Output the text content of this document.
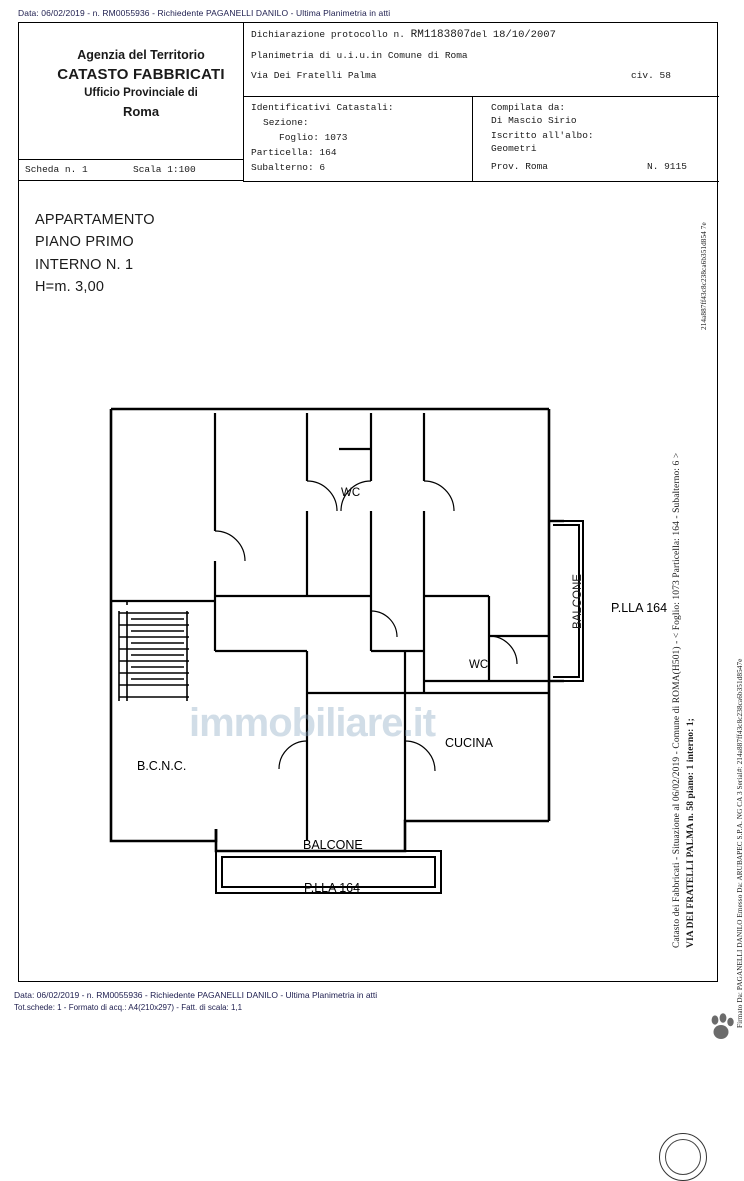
Data: 06/02/2019 - n. RM0055936 - Richiedente PAGANELLI DANILO - Ultima Planimetria in atti
Agenzia del Territorio
CATASTO FABBRICATI
Ufficio Provinciale di
Roma
Dichiarazione protocollo n. RM1183807del 18/10/2007
Planimetria di u.i.u.in Comune di Roma
Via Dei Fratelli Palma	civ. 58
Identificativi Catastali:
Sezione:
Foglio: 1073
Particella: 164
Subalterno: 6
Compilata da:
Di Mascio Sirio
Iscritto all'albo:
Geometri
Prov. Roma	N. 9115
Scheda n. 1	Scala 1:100
APPARTAMENTO
PIANO PRIMO
INTERNO N. 1
H=m. 3,00
WC
WC
CUCINA
B.C.N.C.
BALCONE
BALCONE
P.LLA 164
P.LLA 164
immobiliare.it	Catasto dei Fabbricati - Situazione al 06/02/2019 - Comune di ROMA(H501) - < Foglio: 1073 Particella: 164 - Subalterno: 6 > VIA DEI FRATELLI PALMA n. 58 piano: 1 interno: 1;
214a887ff43c8c238ca6b351d854 7e
Firmato Da: PAGANELLI DANILO Emesso Da: ARUBAPEC S.P.A. NG CA 3 Serial#: 214a887ff43c8c238ca6b351d8547e
Data: 06/02/2019 - n. RM0055936 - Richiedente PAGANELLI DANILO - Ultima Planimetria in atti
Tot.schede: 1 - Formato di acq.: A4(210x297) - Fatt. di scala: 1,1
